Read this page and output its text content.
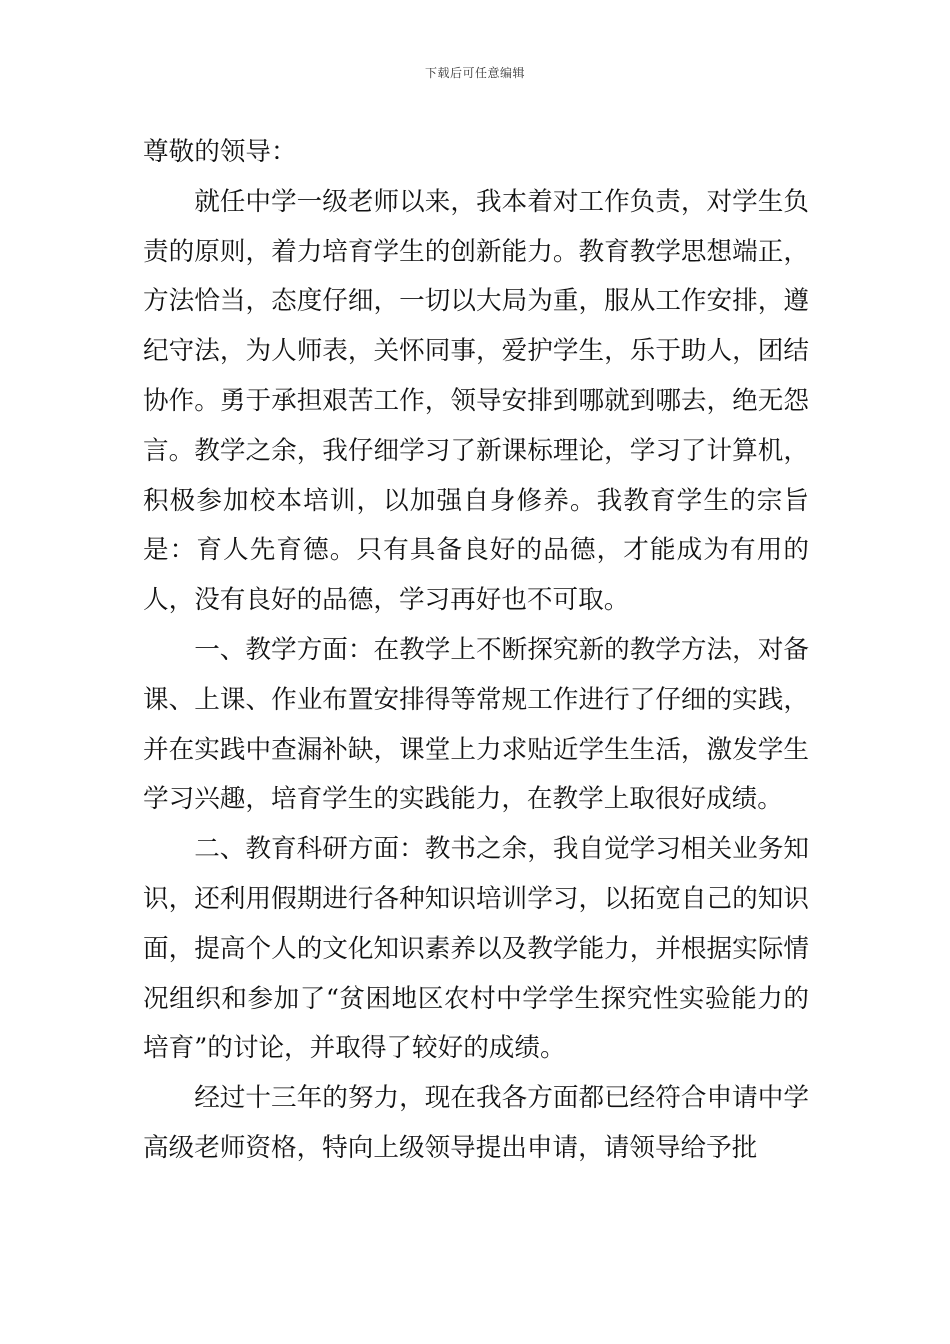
下载后可任意编辑

尊敬的领导：

就任中学一级老师以来，我本着对工作负责，对学生负责的原则，着力培育学生的创新能力。教育教学思想端正，方法恰当，态度仔细，一切以大局为重，服从工作安排，遵纪守法，为人师表，关怀同事，爱护学生，乐于助人，团结协作。勇于承担艰苦工作，领导安排到哪就到哪去，绝无怨言。教学之余，我仔细学习了新课标理论，学习了计算机，积极参加校本培训，以加强自身修养。我教育学生的宗旨是：育人先育德。只有具备良好的品德，才能成为有用的人，没有良好的品德，学习再好也不可取。

一、教学方面：在教学上不断探究新的教学方法，对备课、上课、作业布置安排得等常规工作进行了仔细的实践，并在实践中查漏补缺，课堂上力求贴近学生生活，激发学生学习兴趣，培育学生的实践能力，在教学上取很好成绩。

二、教育科研方面：教书之余，我自觉学习相关业务知识，还利用假期进行各种知识培训学习，以拓宽自己的知识面，提高个人的文化知识素养以及教学能力，并根据实际情况组织和参加了“贫困地区农村中学学生探究性实验能力的培育”的讨论，并取得了较好的成绩。

经过十三年的努力，现在我各方面都已经符合申请中学高级老师资格，特向上级领导提出申请，请领导给予批
